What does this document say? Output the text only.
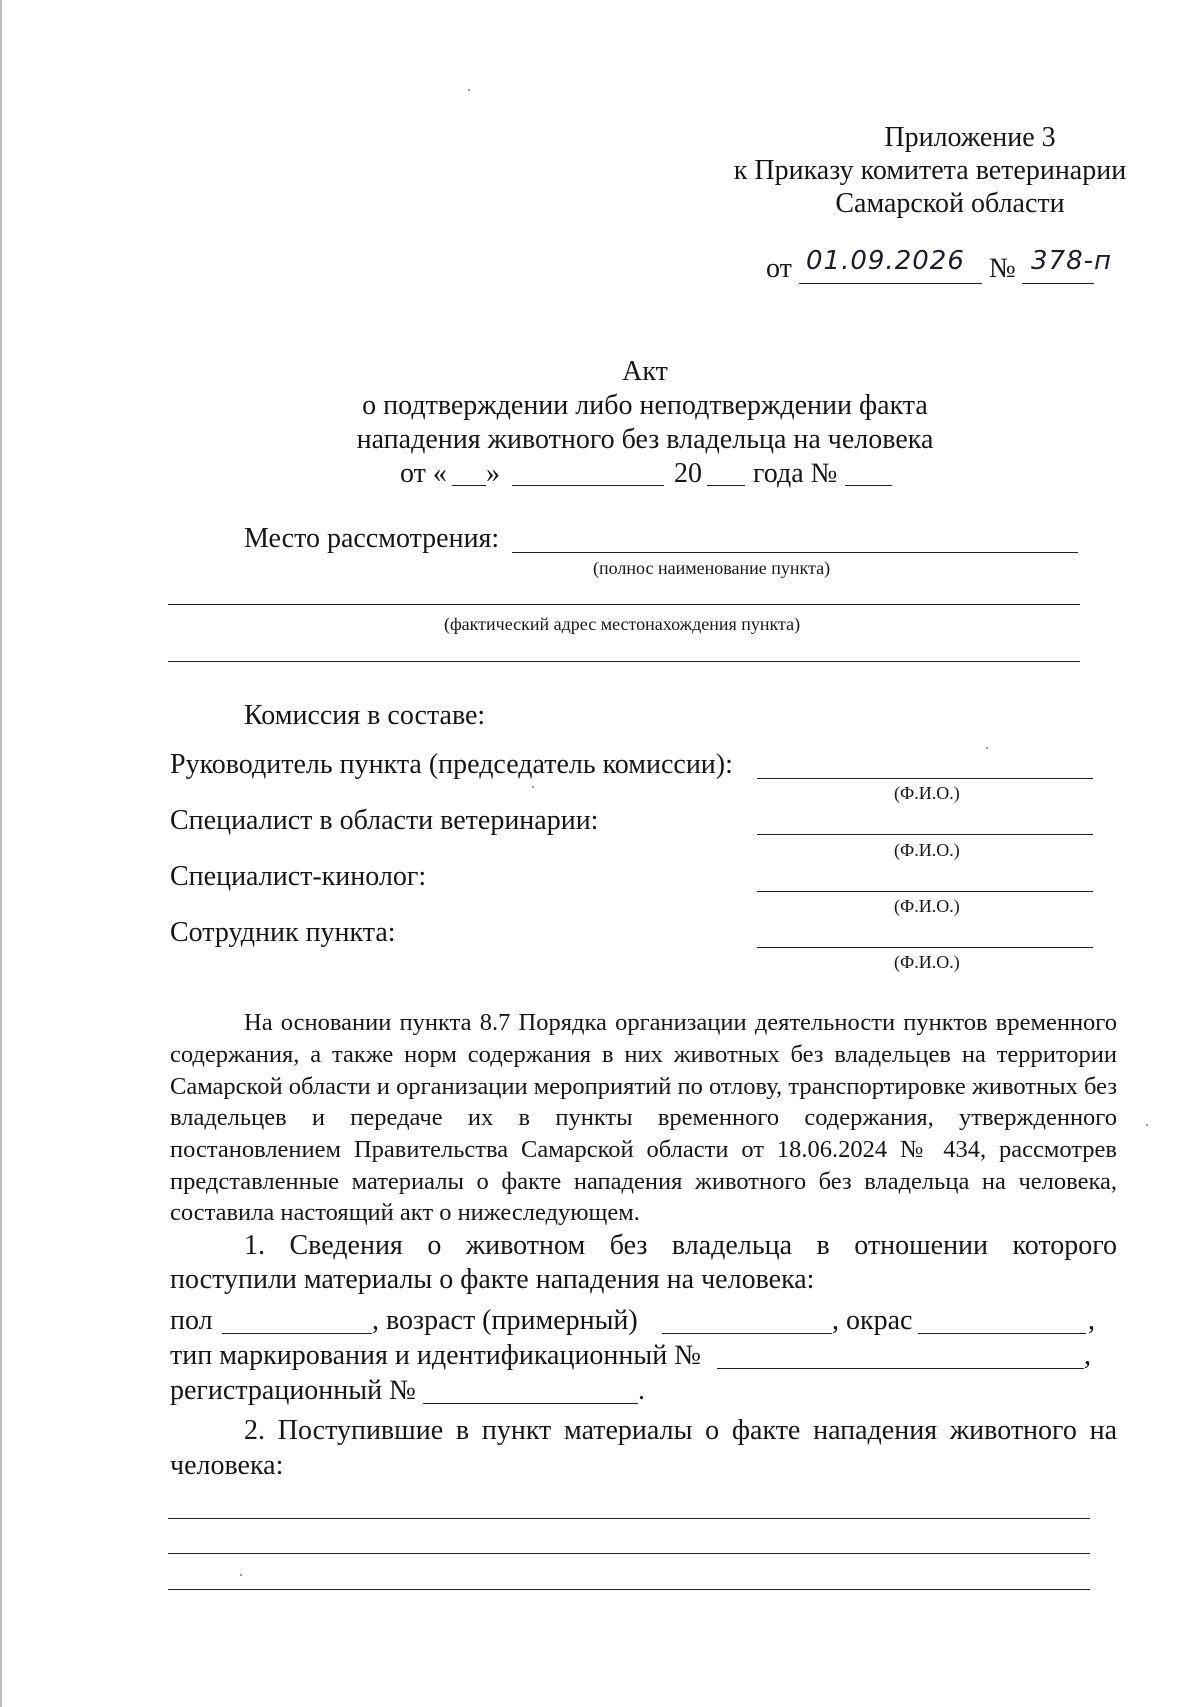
Приложение 3
к Приказу комитета ветеринарии
Самарской области
от 01.09.2026 № 378-п
Акт
о подтверждении либо неподтверждении факта
нападения животного без владельца на человека
от « »	20 года №
Место рассмотрения:
(полнос наименование пункта)
(фактический адрес местонахождения пункта)
Комиссия в составе:
Руководитель пункта (председатель комиссии):
(Ф.И.О.)
Специалист в области ветеринарии:
(Ф.И.О.)
Специалист-кинолог:
(Ф.И.О.)
Сотрудник пункта:
(Ф.И.О.)
На основании пункта 8.7 Порядка организации деятельности пунктов временного
содержания, а также норм содержания в них животных без владельцев на территории
Самарской области и организации мероприятий по отлову, транспортировке животных без
владельцев и передаче их в пункты временного содержания, утвержденного
постановлением Правительства Самарской области от 18.06.2024 № 434, рассмотрев
представленные материалы о факте нападения животного без владельца на человека,
составила настоящий акт о нижеследующем.
1. Сведения о животном без владельца в отношении которого
поступили материалы о факте нападения на человека:
пол	, возраст (примерный)	, окрас	,
тип маркирования и идентификационный №	,
регистрационный №	.
2. Поступившие в пункт материалы о факте нападения животного на
человека:
